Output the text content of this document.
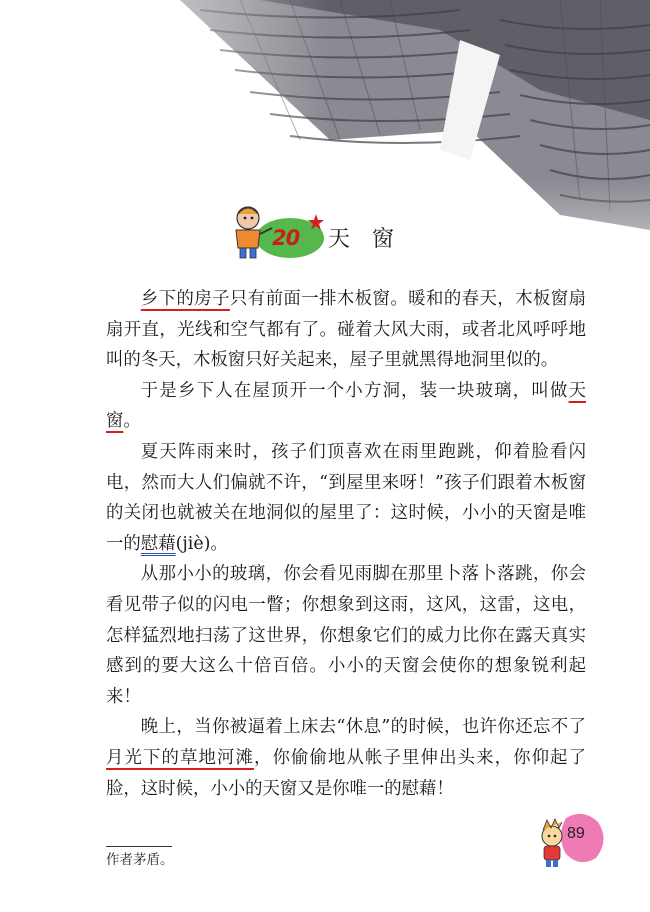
20 天窗

乡下的房子只有前面一排木板窗。暖和的春天，木板窗扇扇开直，光线和空气都有了。碰着大风大雨，或者北风呼呼地叫的冬天，木板窗只好关起来，屋子里就黑得地洞里似的。

于是乡下人在屋顶开一个小方洞，装一块玻璃，叫做天窗。

夏天阵雨来时，孩子们顶喜欢在雨里跑跳，仰着脸看闪电，然而大人们偏就不许，“到屋里来呀！”孩子们跟着木板窗的关闭也就被关在地洞似的屋里了：这时候，小小的天窗是唯一的慰藉(jiè)。

从那小小的玻璃，你会看见雨脚在那里卜落卜落跳，你会看见带子似的闪电一瞥；你想象到这雨，这风，这雷，这电，怎样猛烈地扫荡了这世界，你想象它们的威力比你在露天真实感到的要大这么十倍百倍。小小的天窗会使你的想象锐利起来！

晚上，当你被逼着上床去“休息”的时候，也许你还忘不了月光下的草地河滩，你偷偷地从帐子里伸出头来，你仰起了脸，这时候，小小的天窗又是你唯一的慰藉！

作者茅盾。
89
